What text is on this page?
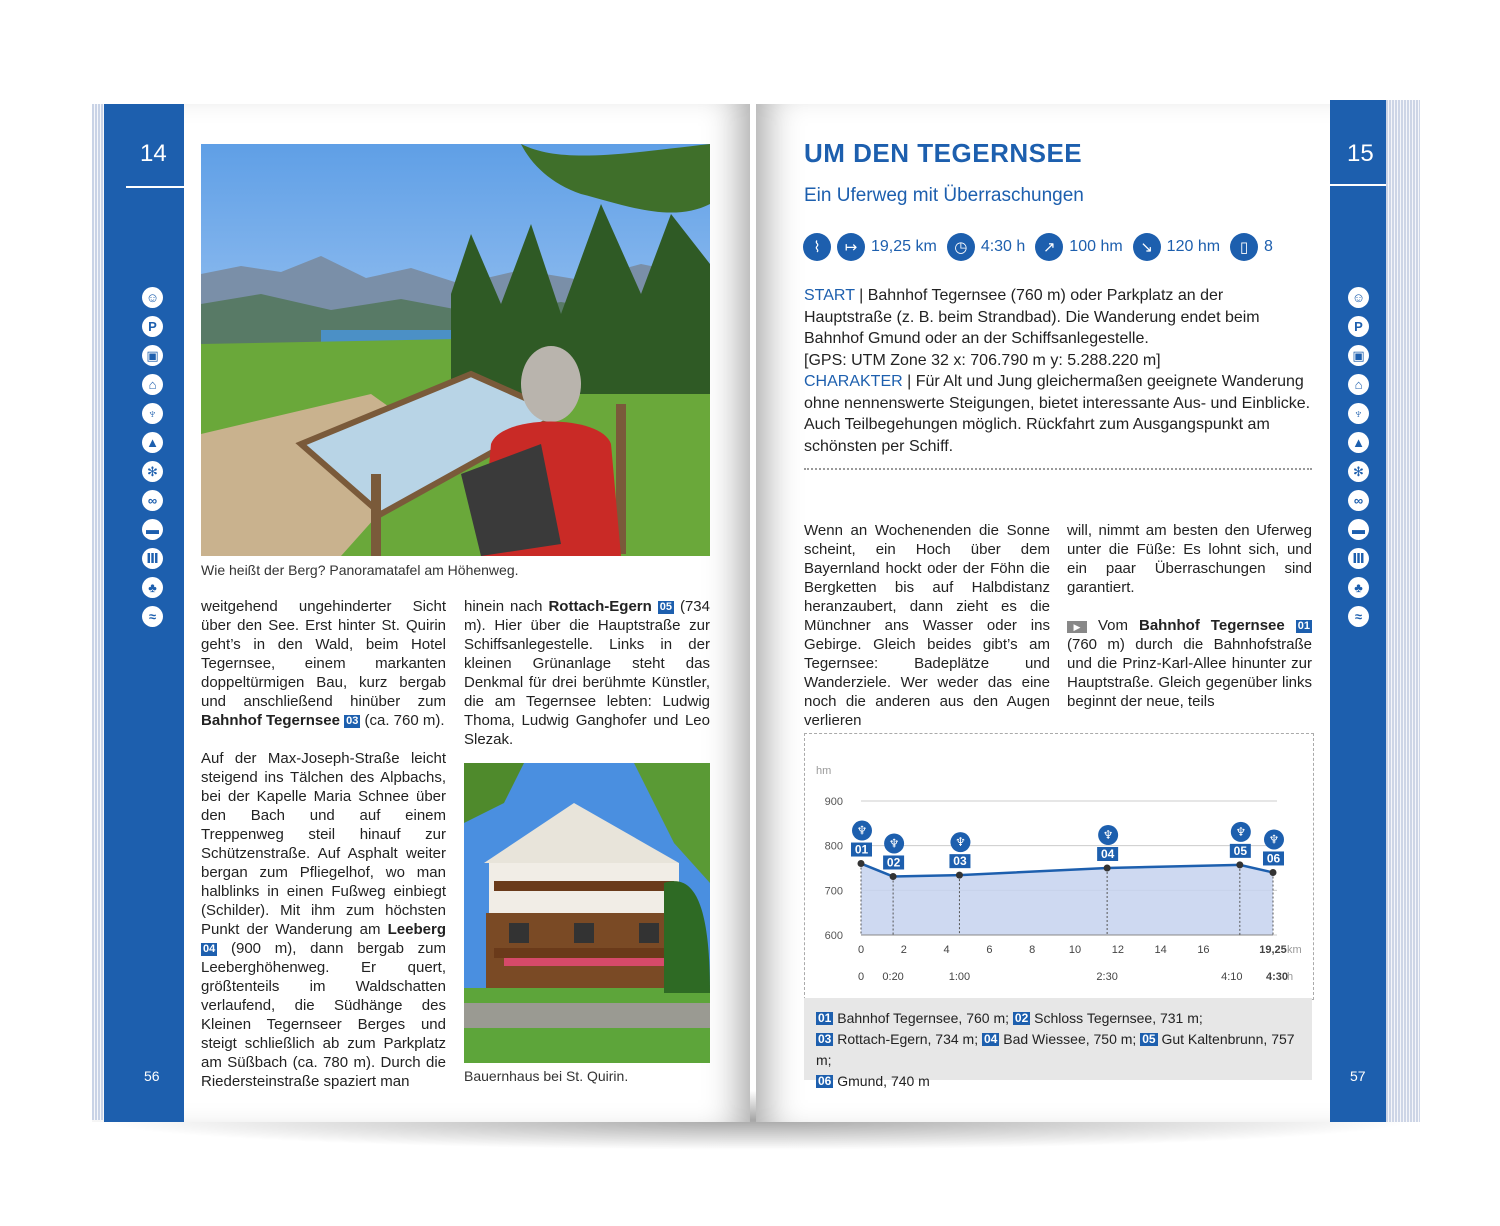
14
☺
P
▣
⌂
♆
▲
✻
∞
▬
Ⅲ
♣
≈
56
Wie heißt der Berg? Panoramatafel am Höhenweg.

weitgehend ungehinderter Sicht über den See. Erst hinter St. Quirin geht’s in den Wald, beim Hotel Tegernsee, einem markanten doppeltürmigen Bau, kurz bergab und anschließend hinüber zum Bahnhof Tegernsee 03 (ca. 760 m).

Auf der Max-Joseph-Straße leicht steigend ins Tälchen des Alpbachs, bei der Kapelle Maria Schnee über den Bach und auf einem Treppenweg steil hinauf zur Schützenstraße. Auf Asphalt weiter bergan zum Pfliegelhof, wo man halblinks in einen Fußweg einbiegt (Schilder). Mit ihm zum höchsten Punkt der Wanderung am Leeberg 04 (900 m), dann bergab zum Leeberghöhenweg. Er quert, größtenteils im Waldschatten verlaufend, die Südhänge des Kleinen Tegernseer Berges und steigt schließlich ab zum Parkplatz am Süßbach (ca. 780 m). Durch die Riedersteinstraße spaziert man

hinein nach Rottach-Egern 05 (734 m). Hier über die Hauptstraße zur Schiffsanlegestelle. Links in der kleinen Grünanlage steht das Denkmal für drei berühmte Künstler, die am Tegernsee lebten: Ludwig Thoma, Ludwig Ganghofer und Leo Slezak.

Bauernhaus bei St. Quirin.
15
☺
P
▣
⌂
♆
▲
✻
∞
▬
Ⅲ
♣
≈
57
UM DEN TEGERNSEE
Ein Uferweg mit Überraschungen
⌇	↦ 19,25 km	◷ 4:30 h	↗ 100 hm	↘ 120 hm	▯ 8
START | Bahnhof Tegernsee (760 m) oder Parkplatz an der Hauptstraße (z. B. beim Strandbad). Die Wanderung endet beim Bahnhof Gmund oder an der Schiffsanlegestelle.
[GPS: UTM Zone 32 x: 706.790 m y: 5.288.220 m]
CHARAKTER | Für Alt und Jung gleichermaßen geeignete Wanderung ohne nennenswerte Steigungen, bietet interessante Aus- und Einblicke. Auch Teilbegehungen möglich. Rückfahrt zum Ausgangspunkt am schönsten per Schiff.

Wenn an Wochenenden die Sonne scheint, ein Hoch über dem Bayernland hockt oder der Föhn die Bergketten bis auf Halbdistanz heranzaubert, dann zieht es die Münchner ans Wasser oder ins Gebirge. Gleich beides gibt’s am Tegernsee: Badeplätze und Wanderziele. Wer weder das eine noch die anderen aus den Augen verlieren

will, nimmt am besten den Uferweg unter die Füße: Es lohnt sich, und ein paar Überraschungen sind garantiert.

▶ Vom Bahnhof Tegernsee 01 (760 m) durch die Bahnhofstraße und die Prinz-Karl-Allee hinunter zur Hauptstraße. Gleich gegenüber links beginnt der neue, teils

hm
600
700
800
900
0	2	4	6	8	10	12	14	16	19,25 km
0 0:20	1:00	2:30	4:10 4:30
h
♆
01 ♆
02
♆
03
♆
04
♆
05
♆
06
01 Bahnhof Tegernsee, 760 m; 02 Schloss Tegernsee, 731 m;
03 Rottach-Egern, 734 m; 04 Bad Wiessee, 750 m; 05 Gut Kaltenbrunn, 757 m;
06 Gmund, 740 m
